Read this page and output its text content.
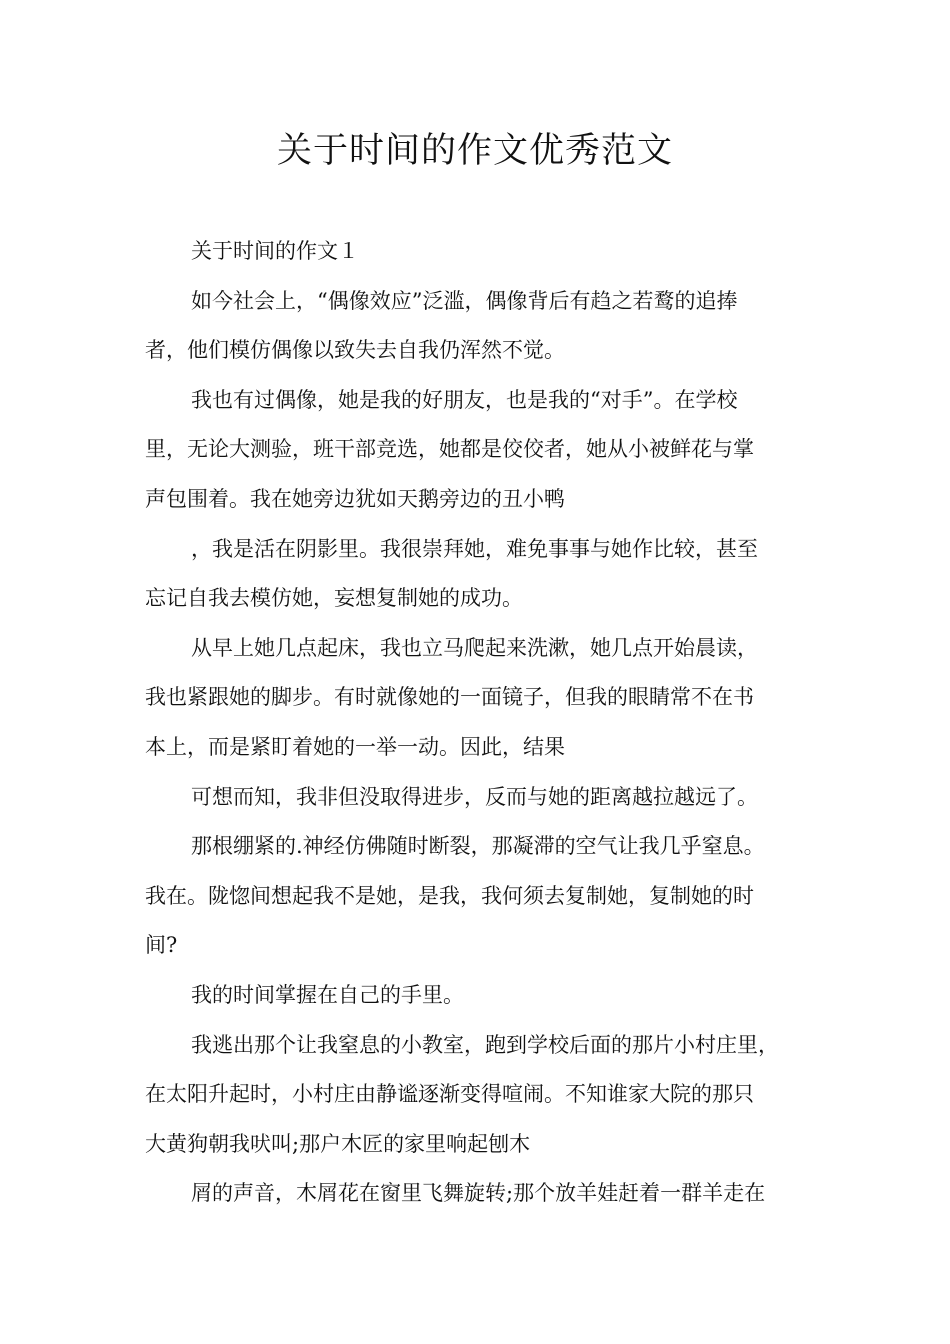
关于时间的作文优秀范文
关于时间的作文１
如今社会上，“偶像效应”泛滥，偶像背后有趋之若鹜的追捧
者，他们模仿偶像以致失去自我仍浑然不觉。
我也有过偶像，她是我的好朋友，也是我的“对手”。在学校
里，无论大测验，班干部竞选，她都是佼佼者，她从小被鲜花与掌
声包围着。我在她旁边犹如天鹅旁边的丑小鸭
，我是活在阴影里。我很崇拜她，难免事事与她作比较，甚至
忘记自我去模仿她，妄想复制她的成功。
从早上她几点起床，我也立马爬起来洗漱，她几点开始晨读，
我也紧跟她的脚步。有时就像她的一面镜子，但我的眼睛常不在书
本上，而是紧盯着她的一举一动。因此，结果
可想而知，我非但没取得进步，反而与她的距离越拉越远了。
那根绷紧的.神经仿佛随时断裂，那凝滞的空气让我几乎窒息。
我在。陇惚间想起我不是她，是我，我何须去复制她，复制她的时
间?
我的时间掌握在自己的手里。
我逃出那个让我窒息的小教室，跑到学校后面的那片小村庄里，
在太阳升起时，小村庄由静谧逐渐变得喧闹。不知谁家大院的那只
大黄狗朝我吠叫;那户木匠的家里响起刨木
屑的声音，木屑花在窗里飞舞旋转;那个放羊娃赶着一群羊走在
